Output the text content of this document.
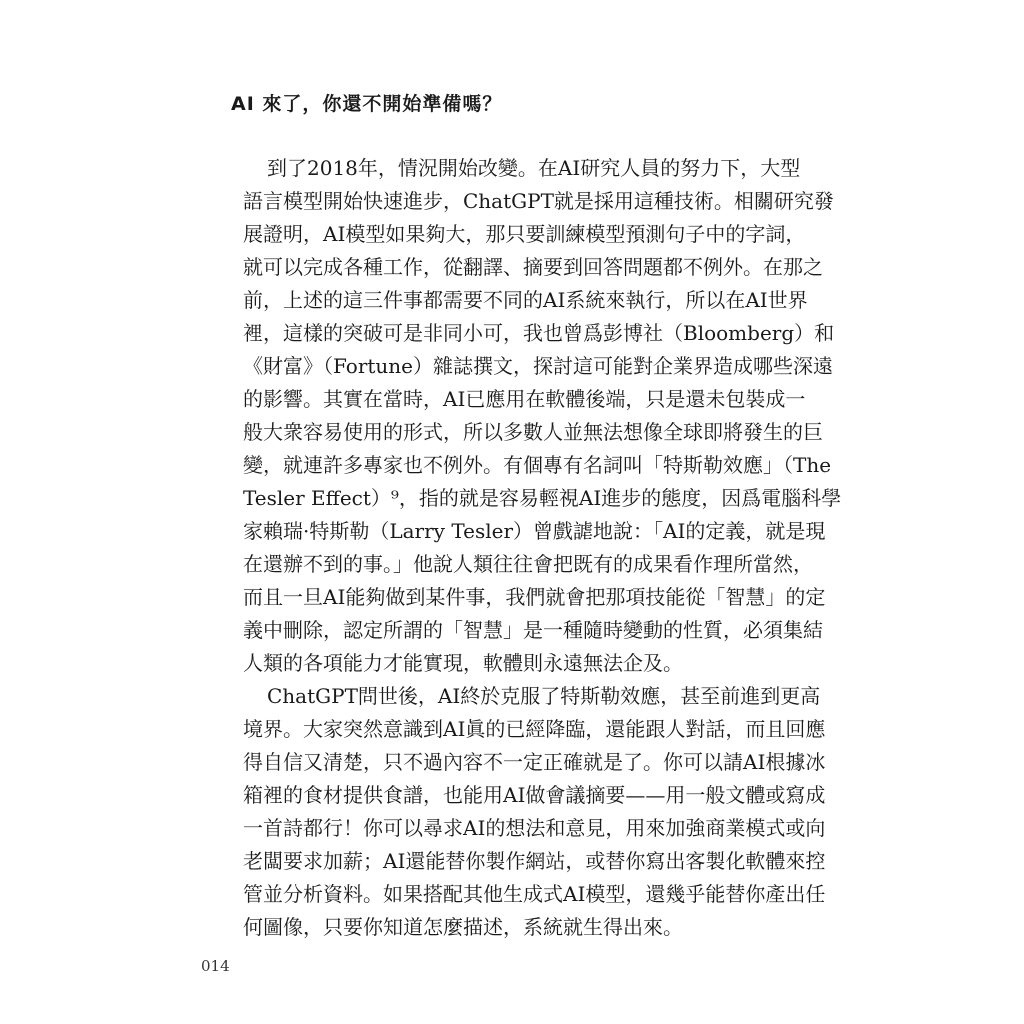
AI 來了，你還不開始準備嗎？
到了2018年，情況開始改變。在AI研究人員的努力下，大型
語言模型開始快速進步，ChatGPT就是採用這種技術。相關研究發
展證明，AI模型如果夠大，那只要訓練模型預測句子中的字詞，
就可以完成各種工作，從翻譯、摘要到回答問題都不例外。在那之
前，上述的這三件事都需要不同的AI系統來執行，所以在AI世界
裡，這樣的突破可是非同小可，我也曾爲彭博社（Bloomberg）和
《財富》（Fortune）雜誌撰文，探討這可能對企業界造成哪些深遠
的影響。其實在當時，AI已應用在軟體後端，只是還未包裝成一
般大衆容易使用的形式，所以多數人並無法想像全球即將發生的巨
變，就連許多專家也不例外。有個專有名詞叫「特斯勒效應」（The
Tesler Effect）⁹，指的就是容易輕視AI進步的態度，因爲電腦科學
家賴瑞·特斯勒（Larry Tesler）曾戲謔地說：「AI的定義，就是現
在還辦不到的事。」他說人類往往會把既有的成果看作理所當然，
而且一旦AI能夠做到某件事，我們就會把那項技能從「智慧」的定
義中刪除，認定所謂的「智慧」是一種隨時變動的性質，必須集結
人類的各項能力才能實現，軟體則永遠無法企及。
ChatGPT問世後，AI終於克服了特斯勒效應，甚至前進到更高
境界。大家突然意識到AI眞的已經降臨，還能跟人對話，而且回應
得自信又清楚，只不過內容不一定正確就是了。你可以請AI根據冰
箱裡的食材提供食譜，也能用AI做會議摘要——用一般文體或寫成
一首詩都行！你可以尋求AI的想法和意見，用來加強商業模式或向
老闆要求加薪；AI還能替你製作網站，或替你寫出客製化軟體來控
管並分析資料。如果搭配其他生成式AI模型，還幾乎能替你產出任
何圖像，只要你知道怎麼描述，系統就生得出來。
014
